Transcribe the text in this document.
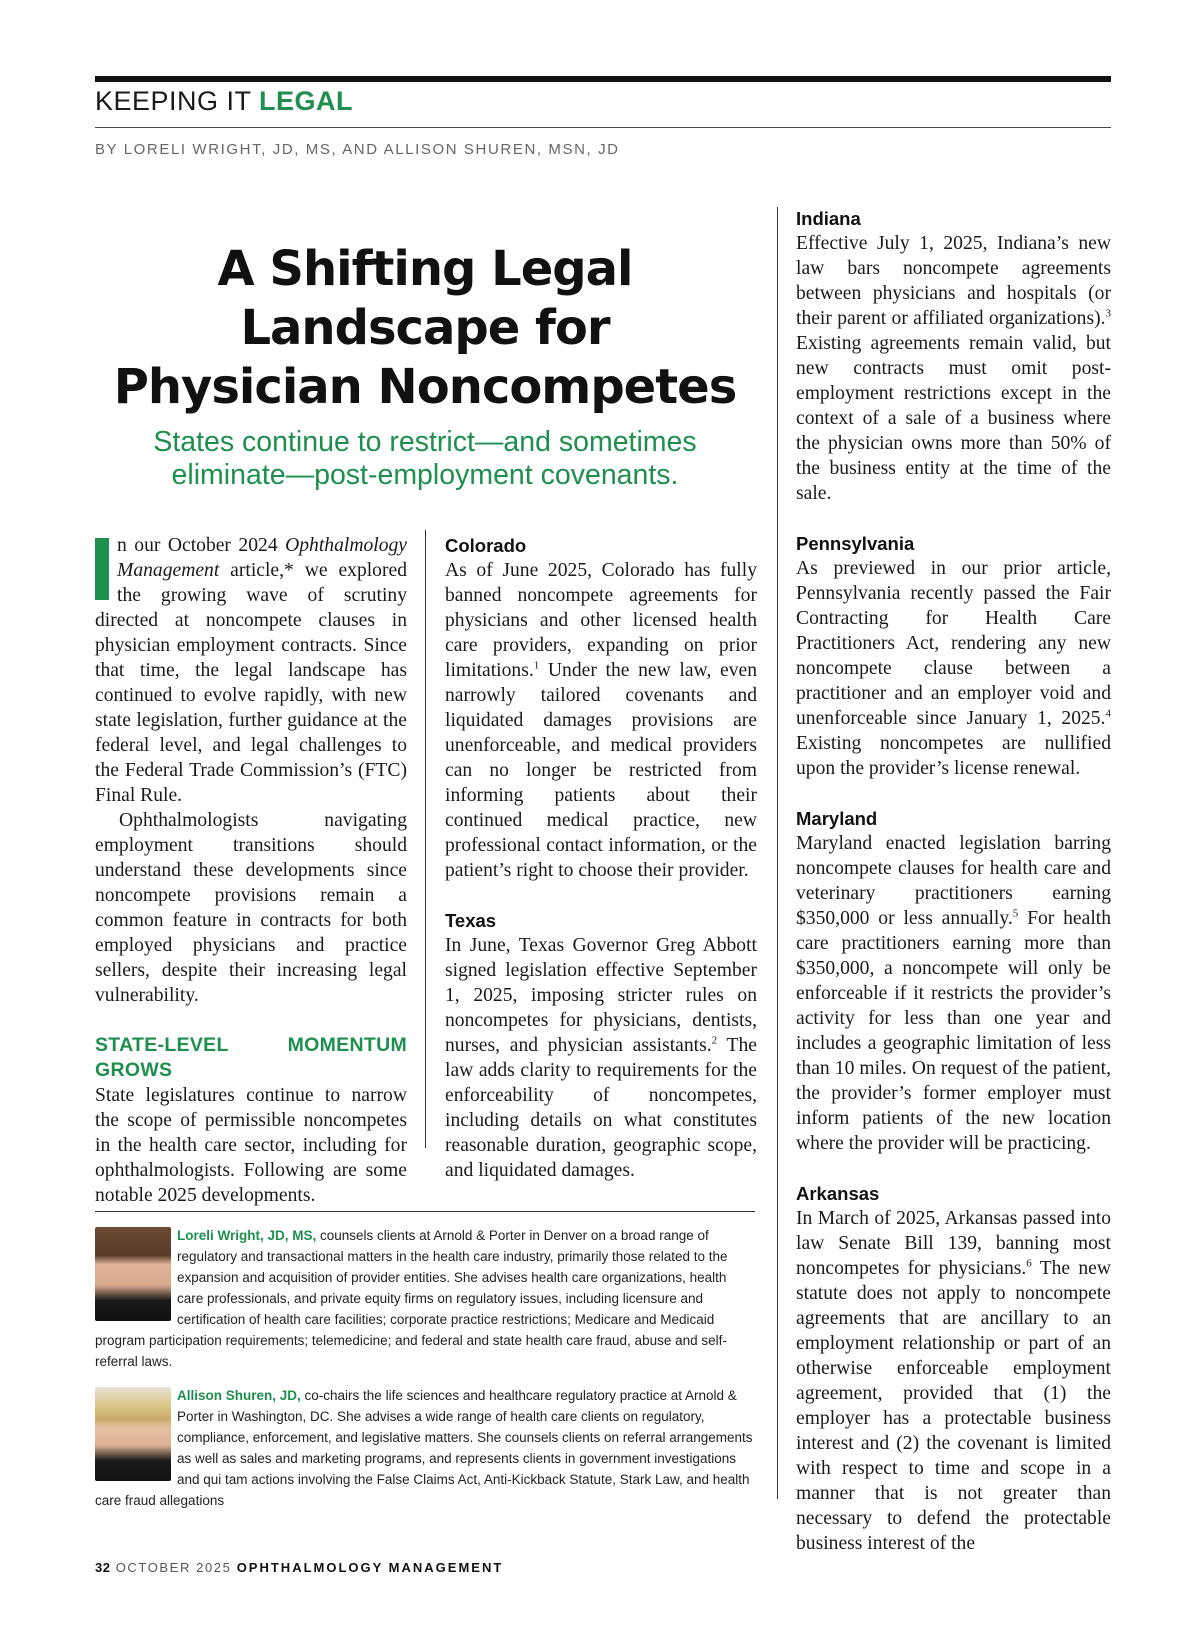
KEEPING IT LEGAL
BY LORELI WRIGHT, JD, MS, AND ALLISON SHUREN, MSN, JD
A Shifting Legal
Landscape for
Physician Noncompetes
States continue to restrict—and sometimes
eliminate—post-employment covenants.

n our October 2024 Ophthalmology Management article,* we explored the growing wave of scrutiny directed at noncompete clauses in physician employment contracts. Since that time, the legal landscape has continued to evolve rapidly, with new state legislation, further guidance at the federal level, and legal challenges to the Federal Trade Commission’s (FTC) Final Rule.

Ophthalmologists navigating employment transitions should understand these developments since noncompete provisions remain a common feature in contracts for both employed physicians and practice sellers, despite their increasing legal vulnerability.

STATE-LEVEL MOMENTUM GROWS

State legislatures continue to narrow the scope of permissible noncompetes in the health care sector, including for ophthalmologists. Following are some notable 2025 developments.

Colorado

As of June 2025, Colorado has fully banned noncompete agreements for physicians and other licensed health care providers, expanding on prior limitations.$^1$ Under the new law, even narrowly tailored covenants and liquidated damages provisions are unenforceable, and medical providers can no longer be restricted from informing patients about their continued medical practice, new professional contact information, or the patient’s right to choose their provider.

Texas

In June, Texas Governor Greg Abbott signed legislation effective September 1, 2025, imposing stricter rules on noncompetes for physicians, dentists, nurses, and physician assistants.$^2$ The law adds clarity to requirements for the enforceability of noncompetes, including details on what constitutes reasonable duration, geographic scope, and liquidated damages.

Indiana

Effective July 1, 2025, Indiana’s new law bars noncompete agreements between physicians and hospitals (or their parent or affiliated organizations).$^3$ Existing agreements remain valid, but new contracts must omit post-employment restrictions except in the context of a sale of a business where the physician owns more than 50% of the business entity at the time of the sale.

Pennsylvania

As previewed in our prior article, Pennsylvania recently passed the Fair Contracting for Health Care Practitioners Act, rendering any new noncompete clause between a practitioner and an employer void and unenforceable since January 1, 2025.$^4$ Existing noncompetes are nullified upon the provider’s license renewal.

Maryland

Maryland enacted legislation barring noncompete clauses for health care and veterinary practitioners earning $350,000 or less annually.$^5$ For health care practitioners earning more than $350,000, a noncompete will only be enforceable if it restricts the provider’s activity for less than one year and includes a geographic limitation of less than 10 miles. On request of the patient, the provider’s former employer must inform patients of the new location where the provider will be practicing.

Arkansas

In March of 2025, Arkansas passed into law Senate Bill 139, banning most noncompetes for physicians.$^6$ The new statute does not apply to noncompete agreements that are ancillary to an employment relationship or part of an otherwise enforceable employment agreement, provided that (1) the employer has a protectable business interest and (2) the covenant is limited with respect to time and scope in a manner that is not greater than necessary to defend the protectable business interest of the

Loreli Wright, JD, MS, counsels clients at Arnold & Porter in Denver on a broad range of regulatory and transactional matters in the health care industry, primarily those related to the expansion and acquisition of provider entities. She advises health care organizations, health care professionals, and private equity firms on regulatory issues, including licensure and certification of health care facilities; corporate practice restrictions; Medicare and Medicaid program participation requirements; telemedicine; and federal and state health care fraud, abuse and self-referral laws.
Allison Shuren, JD, co-chairs the life sciences and healthcare regulatory practice at Arnold & Porter in Washington, DC. She advises a wide range of health care clients on regulatory, compliance, enforcement, and legislative matters. She counsels clients on referral arrangements as well as sales and marketing programs, and represents clients in government investigations and qui tam actions involving the False Claims Act, Anti-Kickback Statute, Stark Law, and health care fraud allegations
32 OCTOBER 2025 OPHTHALMOLOGY MANAGEMENT
